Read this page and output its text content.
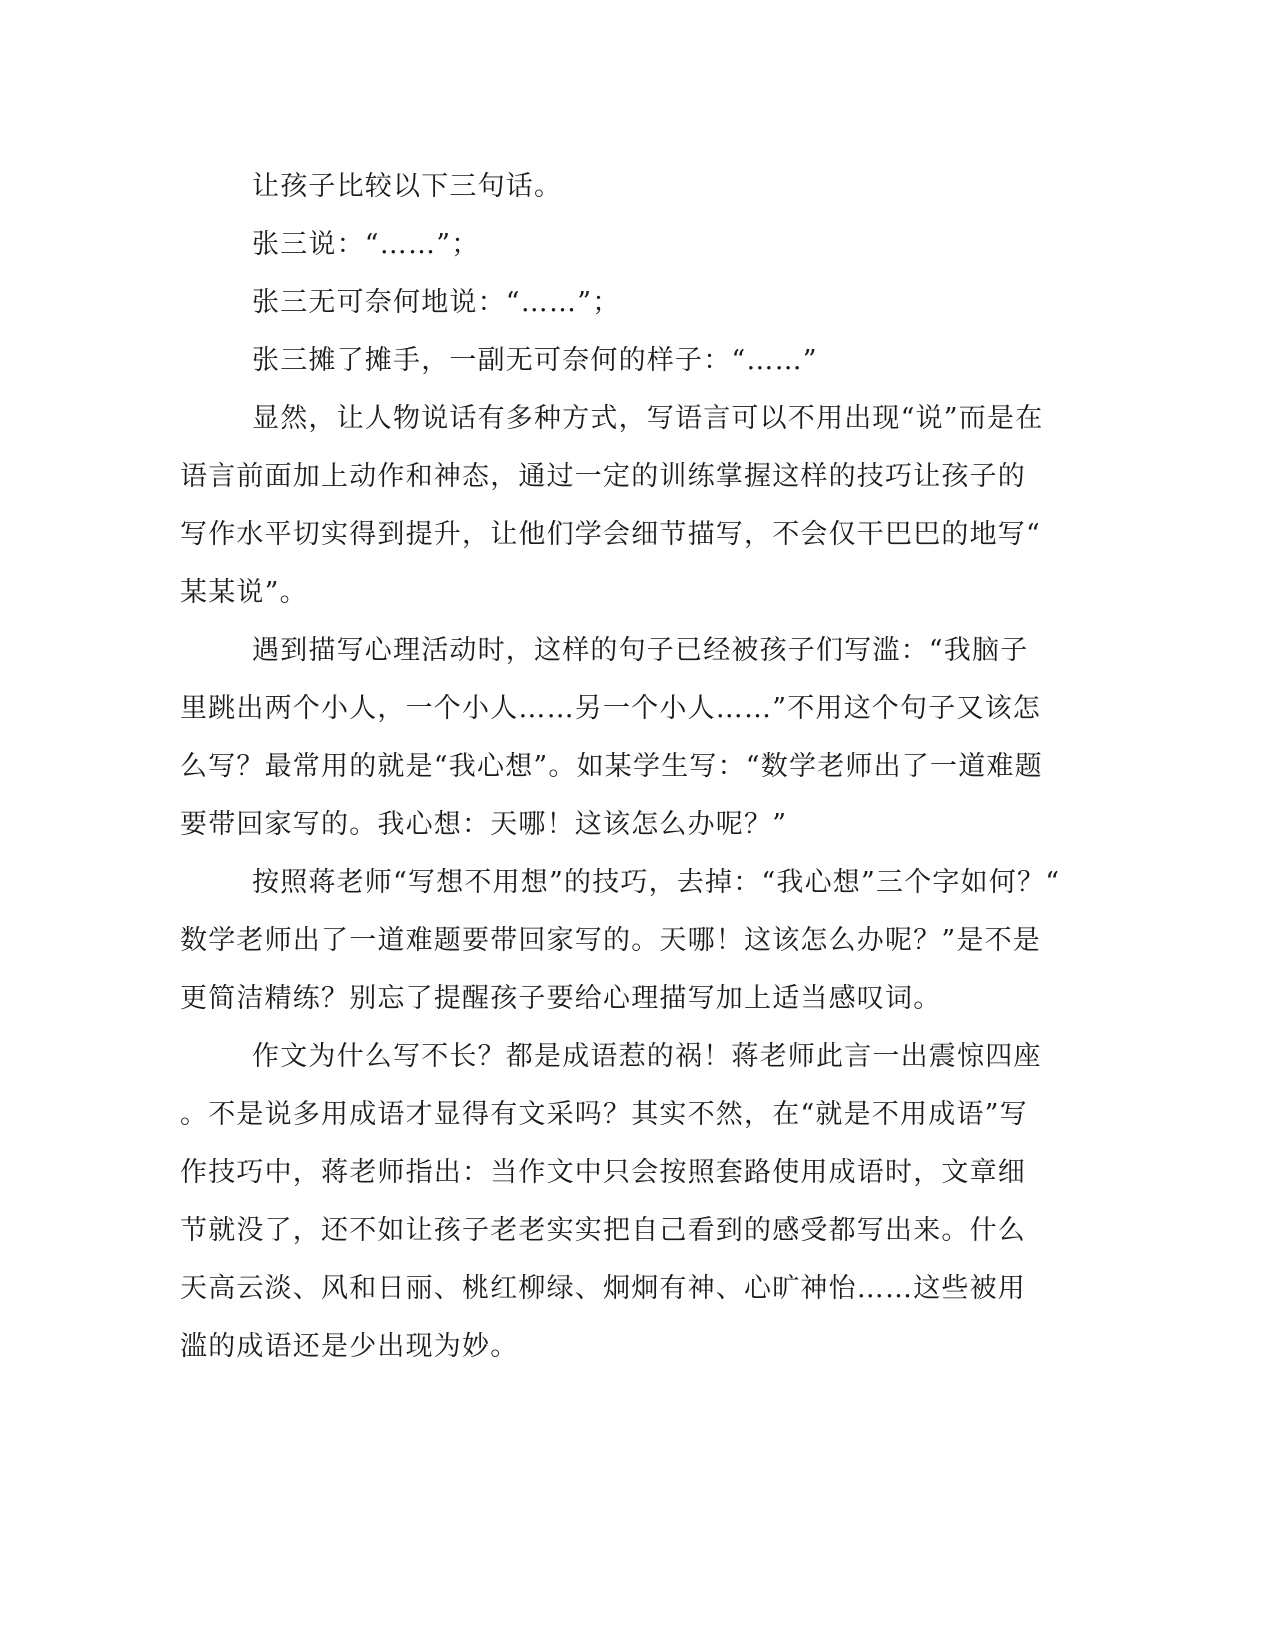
让孩子比较以下三句话。
张三说：“……”；
张三无可奈何地说：“……”；
张三摊了摊手，一副无可奈何的样子：“……”
显然，让人物说话有多种方式，写语言可以不用出现“说”而是在
语言前面加上动作和神态，通过一定的训练掌握这样的技巧让孩子的
写作水平切实得到提升，让他们学会细节描写，不会仅干巴巴的地写“
某某说”。
遇到描写心理活动时，这样的句子已经被孩子们写滥：“我脑子
里跳出两个小人，一个小人……另一个小人……”不用这个句子又该怎
么写？最常用的就是“我心想”。如某学生写：“数学老师出了一道难题
要带回家写的。我心想：天哪！这该怎么办呢？”
按照蒋老师“写想不用想”的技巧，去掉：“我心想”三个字如何？“
数学老师出了一道难题要带回家写的。天哪！这该怎么办呢？”是不是
更简洁精练？别忘了提醒孩子要给心理描写加上适当感叹词。
作文为什么写不长？都是成语惹的祸！蒋老师此言一出震惊四座
。不是说多用成语才显得有文采吗？其实不然，在“就是不用成语”写
作技巧中，蒋老师指出：当作文中只会按照套路使用成语时，文章细
节就没了，还不如让孩子老老实实把自己看到的感受都写出来。什么
天高云淡、风和日丽、桃红柳绿、炯炯有神、心旷神怡……这些被用
滥的成语还是少出现为妙。
